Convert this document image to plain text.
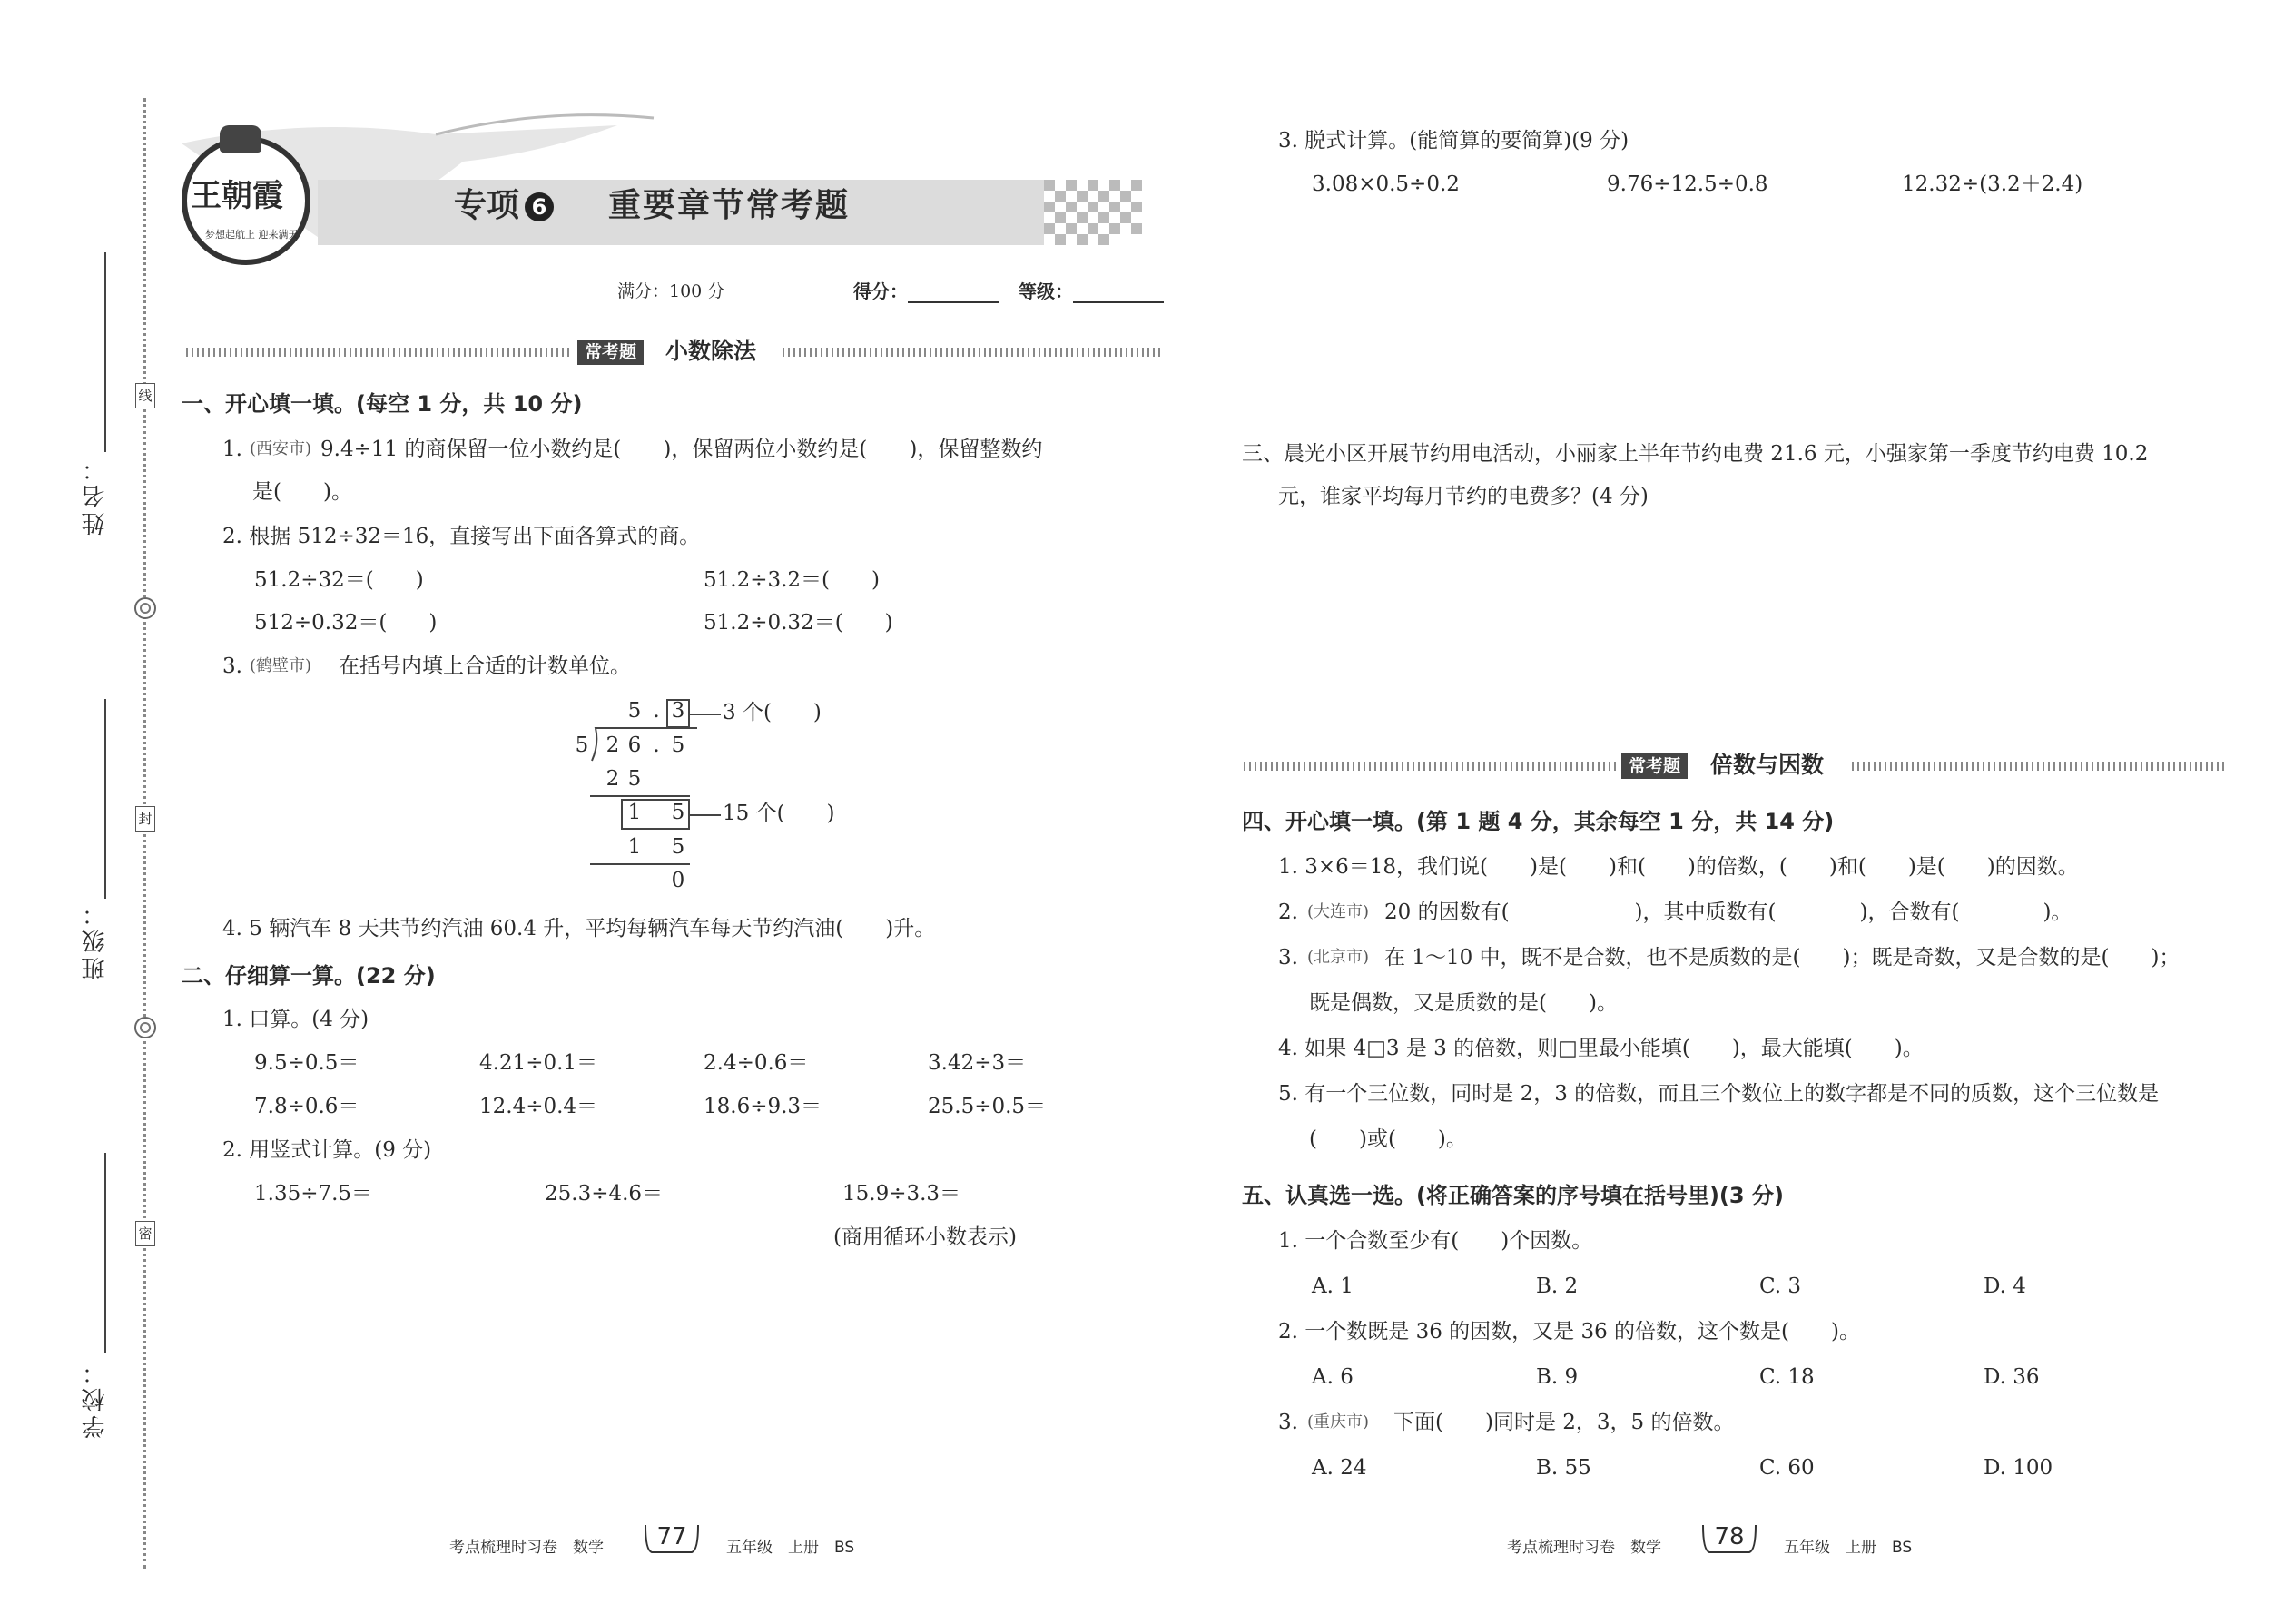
线
封
密
姓名：
班级：
学校：
王朝霞
梦想起航上 迎来满天
专项 6 重要章节常考题
满分：100 分	得分：	等级：
常考题	小数除法
一、开心填一填。(每空 1 分，共 10 分)
1. (西安市) 9.4÷11 的商保留一位小数约是(　　)，保留两位小数约是(　　)，保留整数约
是(　　)。
2. 根据 512÷32＝16，直接写出下面各算式的商。
51.2÷32＝(　　)	51.2÷3.2＝(　　)
512÷0.32＝(　　)	51.2÷0.32＝(　　)
3. (鹤壁市) 在括号内填上合适的计数单位。
5 . 3 3 个(　　)
5 2 6 . 5
2 5
1 5 15 个(　　)
1 5
0
4. 5 辆汽车 8 天共节约汽油 60.4 升，平均每辆汽车每天节约汽油(　　)升。
二、仔细算一算。(22 分)
1. 口算。(4 分)
9.5÷0.5＝	4.21÷0.1＝	2.4÷0.6＝	3.42÷3＝
7.8÷0.6＝	12.4÷0.4＝	18.6÷9.3＝	25.5÷0.5＝
2. 用竖式计算。(9 分)
1.35÷7.5＝	25.3÷4.6＝	15.9÷3.3＝
(商用循环小数表示)
考点梳理时习卷　数学	77	五年级　上册　BS
3. 脱式计算。(能简算的要简算)(9 分)
3.08×0.5÷0.2	9.76÷12.5÷0.8	12.32÷(3.2＋2.4)
三、晨光小区开展节约用电活动，小丽家上半年节约电费 21.6 元，小强家第一季度节约电费 10.2
元，谁家平均每月节约的电费多？(4 分)
常考题	倍数与因数
四、开心填一填。(第 1 题 4 分，其余每空 1 分，共 14 分)
1. 3×6＝18，我们说(　　)是(　　)和(　　)的倍数，(　　)和(　　)是(　　)的因数。
2. (大连市) 20 的因数有(　　　　　　)，其中质数有(　　　　)，合数有(　　　　)。
3. (北京市) 在 1～10 中，既不是合数，也不是质数的是(　　)；既是奇数，又是合数的是(　　)；
既是偶数，又是质数的是(　　)。
4. 如果 4□3 是 3 的倍数，则□里最小能填(　　)，最大能填(　　)。
5. 有一个三位数，同时是 2，3 的倍数，而且三个数位上的数字都是不同的质数，这个三位数是
(　　)或(　　)。
五、认真选一选。(将正确答案的序号填在括号里)(3 分)
1. 一个合数至少有(　　)个因数。
A. 1	B. 2	C. 3	D. 4
2. 一个数既是 36 的因数，又是 36 的倍数，这个数是(　　)。
A. 6	B. 9	C. 18	D. 36
3. (重庆市) 下面(　　)同时是 2，3，5 的倍数。
A. 24	B. 55	C. 60	D. 100
考点梳理时习卷　数学	78	五年级　上册　BS
